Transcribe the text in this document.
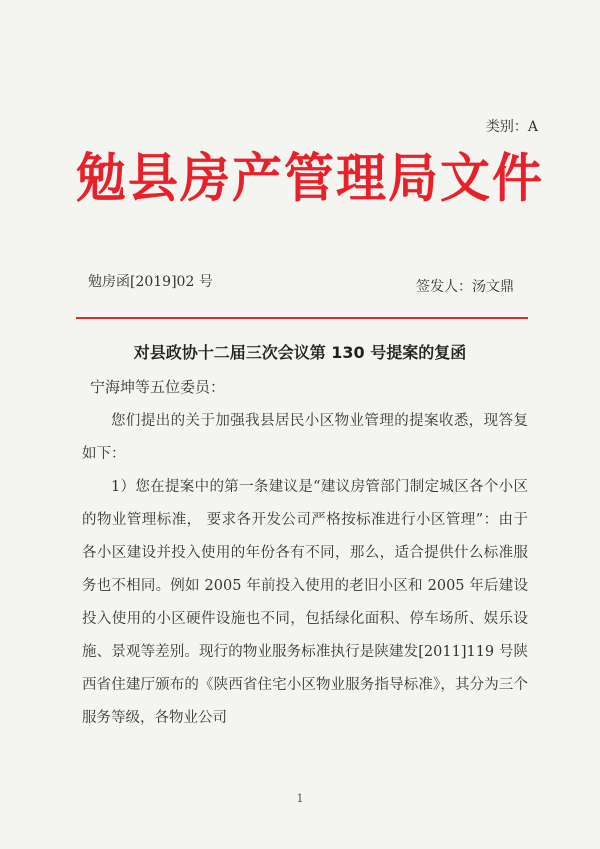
类别：A
勉县房产管理局文件
勉房函[2019]02 号	签发人：汤文鼎
对县政协十二届三次会议第 130 号提案的复函
宁海坤等五位委员：

您们提出的关于加强我县居民小区物业管理的提案收悉，现答复如下：

1）您在提案中的第一条建议是“建议房管部门制定城区各个小区的物业管理标准， 要求各开发公司严格按标准进行小区管理”：由于各小区建设并投入使用的年份各有不同，那么，适合提供什么标准服务也不相同。例如 2005 年前投入使用的老旧小区和 2005 年后建设投入使用的小区硬件设施也不同，包括绿化面积、停车场所、娱乐设施、景观等差别。现行的物业服务标准执行是陕建发[2011]119 号陕西省住建厅颁布的《陕西省住宅小区物业服务指导标准》，其分为三个服务等级，各物业公司

1
